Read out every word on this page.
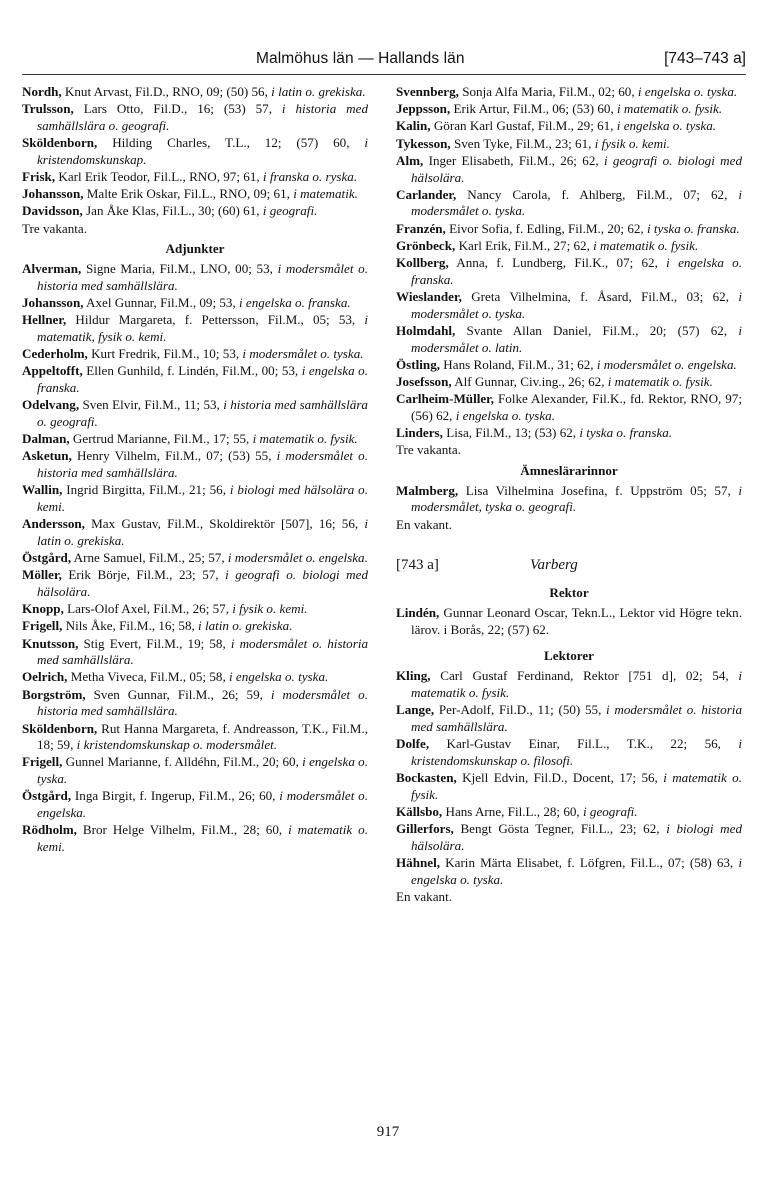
Malmöhus län — Hallands län	[743–743 a]
Nordh, Knut Arvast, Fil.D., RNO, 09; (50) 56, i latin o. grekiska.
Trulsson, Lars Otto, Fil.D., 16; (53) 57, i historia med samhällslära o. geografi.
Sköldenborn, Hilding Charles, T.L., 12; (57) 60, i kristendomskunskap.
Frisk, Karl Erik Teodor, Fil.L., RNO, 97; 61, i franska o. ryska.
Johansson, Malte Erik Oskar, Fil.L., RNO, 09; 61, i matematik.
Davidsson, Jan Åke Klas, Fil.L., 30; (60) 61, i geografi.
Tre vakanta.
Adjunkter
Alverman, Signe Maria, Fil.M., LNO, 00; 53, i modersmålet o. historia med samhällslära.
Johansson, Axel Gunnar, Fil.M., 09; 53, i engelska o. franska.
Hellner, Hildur Margareta, f. Pettersson, Fil.M., 05; 53, i matematik, fysik o. kemi.
Cederholm, Kurt Fredrik, Fil.M., 10; 53, i modersmålet o. tyska.
Appeltofft, Ellen Gunhild, f. Lindén, Fil.M., 00; 53, i engelska o. franska.
Odelvang, Sven Elvir, Fil.M., 11; 53, i historia med samhällslära o. geografi.
Dalman, Gertrud Marianne, Fil.M., 17; 55, i matematik o. fysik.
Asketun, Henry Vilhelm, Fil.M., 07; (53) 55, i modersmålet o. historia med samhällslära.
Wallin, Ingrid Birgitta, Fil.M., 21; 56, i biologi med hälsolära o. kemi.
Andersson, Max Gustav, Fil.M., Skoldirektör [507], 16; 56, i latin o. grekiska.
Östgård, Arne Samuel, Fil.M., 25; 57, i modersmålet o. engelska.
Möller, Erik Börje, Fil.M., 23; 57, i geografi o. biologi med hälsolära.
Knopp, Lars-Olof Axel, Fil.M., 26; 57, i fysik o. kemi.
Frigell, Nils Åke, Fil.M., 16; 58, i latin o. grekiska.
Knutsson, Stig Evert, Fil.M., 19; 58, i modersmålet o. historia med samhällslära.
Oelrich, Metha Viveca, Fil.M., 05; 58, i engelska o. tyska.
Borgström, Sven Gunnar, Fil.M., 26; 59, i modersmålet o. historia med samhällslära.
Sköldenborn, Rut Hanna Margareta, f. Andreasson, T.K., Fil.M., 18; 59, i kristendomskunskap o. modersmålet.
Frigell, Gunnel Marianne, f. Alldéhn, Fil.M., 20; 60, i engelska o. tyska.
Östgård, Inga Birgit, f. Ingerup, Fil.M., 26; 60, i modersmålet o. engelska.
Rödholm, Bror Helge Vilhelm, Fil.M., 28; 60, i matematik o. kemi.
Svennberg, Sonja Alfa Maria, Fil.M., 02; 60, i engelska o. tyska.
Jeppsson, Erik Artur, Fil.M., 06; (53) 60, i matematik o. fysik.
Kalin, Göran Karl Gustaf, Fil.M., 29; 61, i engelska o. tyska.
Tykesson, Sven Tyke, Fil.M., 23; 61, i fysik o. kemi.
Alm, Inger Elisabeth, Fil.M., 26; 62, i geografi o. biologi med hälsolära.
Carlander, Nancy Carola, f. Ahlberg, Fil.M., 07; 62, i modersmålet o. tyska.
Franzén, Eivor Sofia, f. Edling, Fil.M., 20; 62, i tyska o. franska.
Grönbeck, Karl Erik, Fil.M., 27; 62, i matematik o. fysik.
Kollberg, Anna, f. Lundberg, Fil.K., 07; 62, i engelska o. franska.
Wieslander, Greta Vilhelmina, f. Åsard, Fil.M., 03; 62, i modersmålet o. tyska.
Holmdahl, Svante Allan Daniel, Fil.M., 20; (57) 62, i modersmålet o. latin.
Östling, Hans Roland, Fil.M., 31; 62, i modersmålet o. engelska.
Josefsson, Alf Gunnar, Civ.ing., 26; 62, i matematik o. fysik.
Carlheim-Müller, Folke Alexander, Fil.K., fd. Rektor, RNO, 97; (56) 62, i engelska o. tyska.
Linders, Lisa, Fil.M., 13; (53) 62, i tyska o. franska.
Tre vakanta.
Ämneslärarinnor
Malmberg, Lisa Vilhelmina Josefina, f. Uppström 05; 57, i modersmålet, tyska o. geografi.
En vakant.
[743 a]	Varberg
Rektor
Lindén, Gunnar Leonard Oscar, Tekn.L., Lektor vid Högre tekn. lärov. i Borås, 22; (57) 62.
Lektorer
Kling, Carl Gustaf Ferdinand, Rektor [751 d], 02; 54, i matematik o. fysik.
Lange, Per-Adolf, Fil.D., 11; (50) 55, i modersmålet o. historia med samhällslära.
Dolfe, Karl-Gustav Einar, Fil.L., T.K., 22; 56, i kristendomskunskap o. filosofi.
Bockasten, Kjell Edvin, Fil.D., Docent, 17; 56, i matematik o. fysik.
Källsbo, Hans Arne, Fil.L., 28; 60, i geografi.
Gillerfors, Bengt Gösta Tegner, Fil.L., 23; 62, i biologi med hälsolära.
Hähnel, Karin Märta Elisabet, f. Löfgren, Fil.L., 07; (58) 63, i engelska o. tyska.
En vakant.
917
